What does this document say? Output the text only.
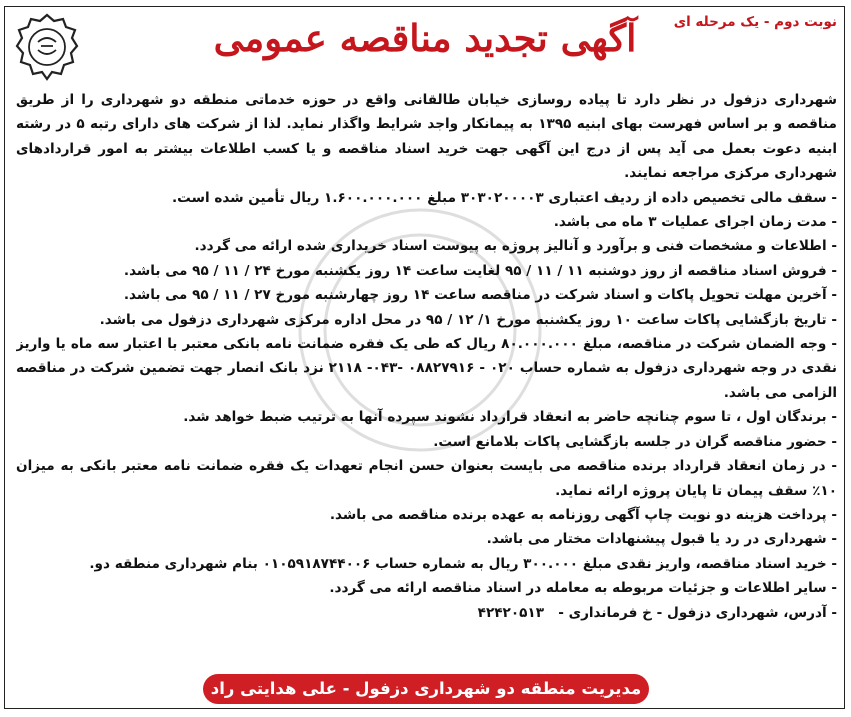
نوبت دوم - یک مرحله ای
آگهی تجدید مناقصه عمومی

شهرداری دزفول در نظر دارد تا پیاده روسازی خیابان طالقانی واقع در حوزه خدماتی منطقه دو شهرداری را از طریق مناقصه و بر اساس فهرست بهای ابنیه ۱۳۹۵ به پیمانکار واجد شرایط واگذار نماید. لذا از شرکت های دارای رتبه ۵ در رشته ابنیه دعوت بعمل می آید پس از درج این آگهی جهت خرید اسناد مناقصه و یا کسب اطلاعات بیشتر به امور قراردادهای شهرداری مرکزی مراجعه نمایند.

- سقف مالی تخصیص داده از ردیف اعتباری ۳۰۳۰۲۰۰۰۰۳ مبلغ ۱.۶۰۰.۰۰۰.۰۰۰ ریال تأمین شده است.

- مدت زمان اجرای عملیات ۳ ماه می باشد.

- اطلاعات و مشخصات فنی و برآورد و آنالیز پروژه به پیوست اسناد خریداری شده ارائه می گردد.

- فروش اسناد مناقصه از روز دوشنبه ۱۱ / ۱۱ / ۹۵ لغایت ساعت ۱۴ روز یکشنبه مورخ ۲۴ / ۱۱ / ۹۵ می باشد.

- آخرین مهلت تحویل پاکات و اسناد شرکت در مناقصه ساعت ۱۴ روز چهارشنبه مورخ ۲۷ / ۱۱ / ۹۵ می باشد.

- تاریخ بازگشایی پاکات ساعت ۱۰ روز یکشنبه مورخ ۱/ ۱۲ / ۹۵ در محل اداره مرکزی شهرداری دزفول می باشد.

- وجه الضمان شرکت در مناقصه، مبلغ ۸۰.۰۰۰.۰۰۰ ریال که طی یک فقره ضمانت نامه بانکی معتبر با اعتبار سه ماه یا واریز نقدی در وجه شهرداری دزفول به شماره حساب ۰۲۰ - ۰۸۸۲۷۹۱۶ -۰۴۳- ۲۱۱۸ نزد بانک انصار جهت تضمین شرکت در مناقصه الزامی می باشد.

- برندگان اول ، تا سوم چنانچه حاضر به انعقاد قرارداد نشوند سپرده آنها به ترتیب ضبط خواهد شد.

- حضور مناقصه گران در جلسه بازگشایی پاکات بلامانع است.

- در زمان انعقاد قرارداد برنده مناقصه می بایست بعنوان حسن انجام تعهدات یک فقره ضمانت نامه معتبر بانکی به میزان ۱۰٪ سقف پیمان تا پایان پروژه ارائه نماید.

- پرداخت هزینه دو نوبت چاپ آگهی روزنامه به عهده برنده مناقصه می باشد.

- شهرداری در رد یا قبول پیشنهادات مختار می باشد.

- خرید اسناد مناقصه، واریز نقدی مبلغ ۳۰۰.۰۰۰ ریال به شماره حساب ۰۱۰۵۹۱۸۷۴۴۰۰۶ بنام شهرداری منطقه دو.

- سایر اطلاعات و جزئیات مربوطه به معامله در اسناد مناقصه ارائه می گردد.

- آدرس، شهرداری دزفول - خ فرمانداری -   ۴۲۴۲۰۵۱۳

مدیریت منطقه دو شهرداری دزفول - علی هدایتی راد
